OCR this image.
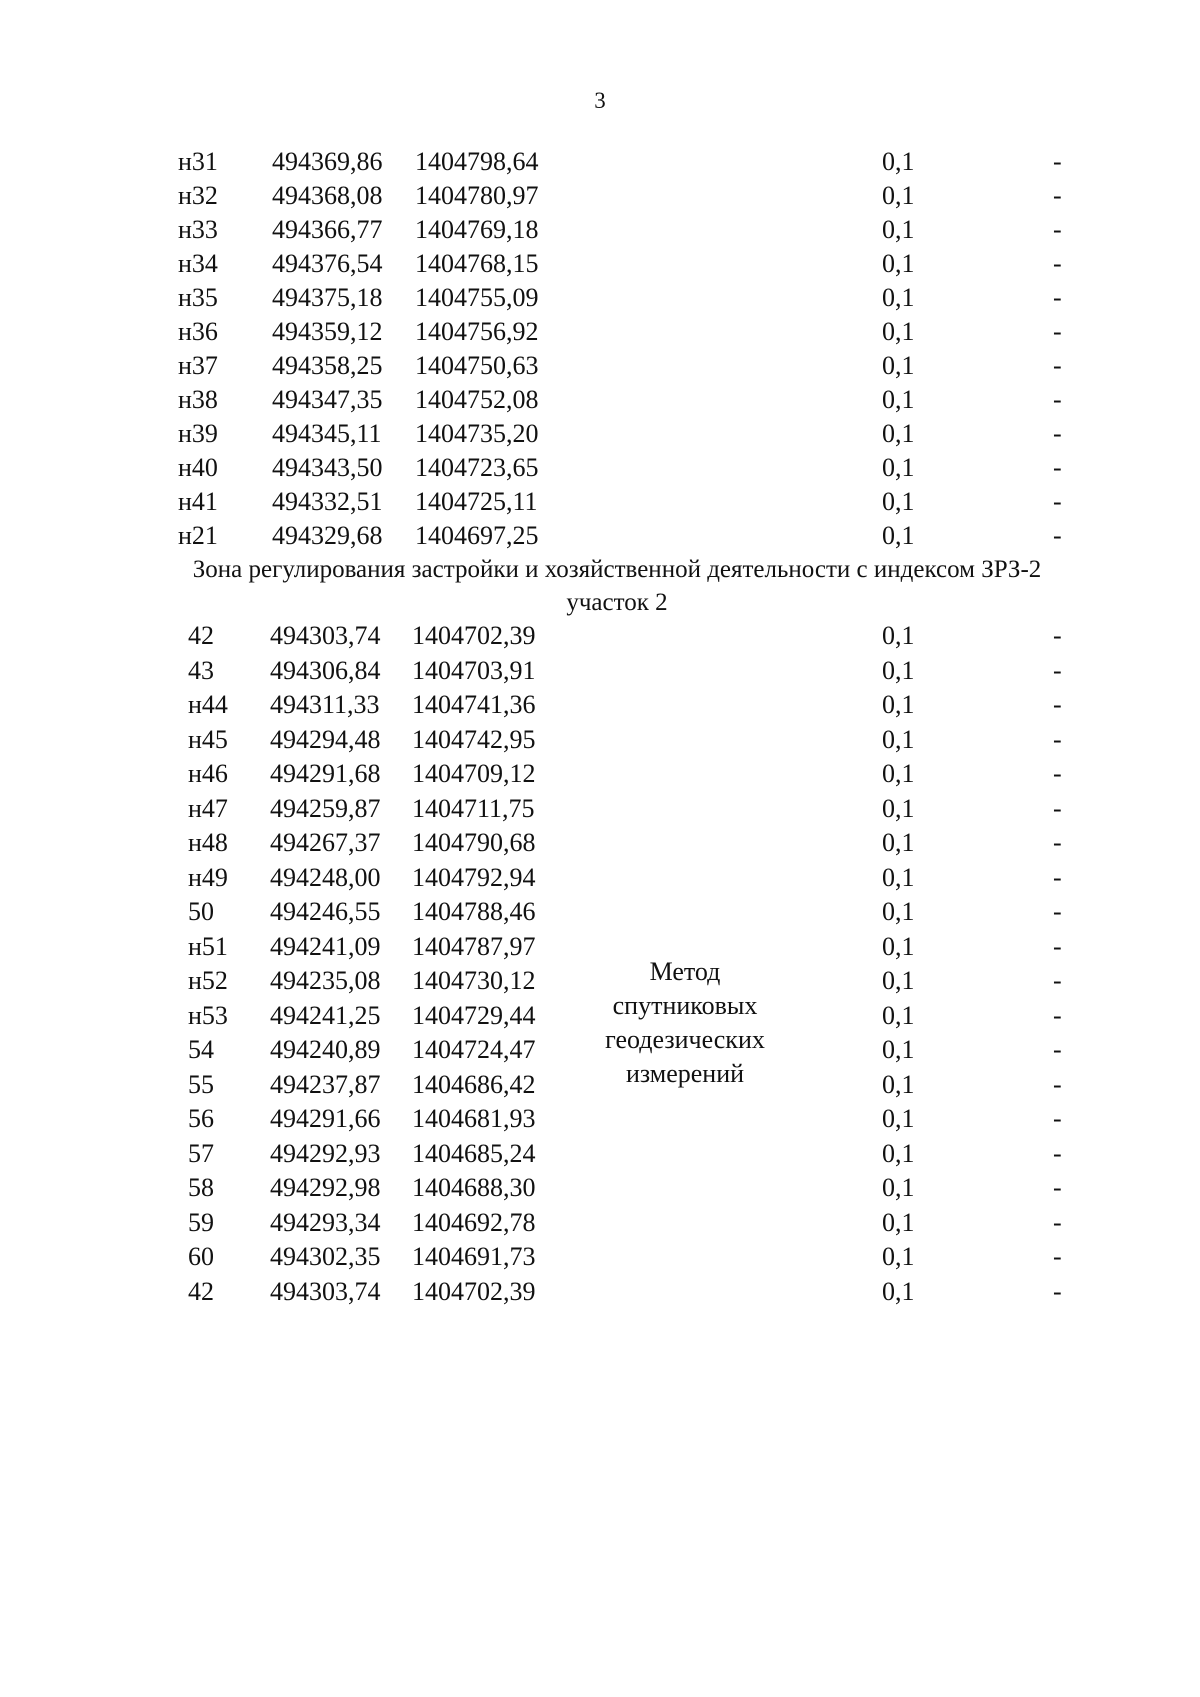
3
н31 494369,86 1404798,64	0,1	-
н32 494368,08 1404780,97	0,1	-
н33 494366,77 1404769,18	0,1	-
н34 494376,54 1404768,15	0,1	-
н35 494375,18 1404755,09	0,1	-
н36 494359,12 1404756,92	0,1	-
н37 494358,25 1404750,63	0,1	-
н38 494347,35 1404752,08	0,1	-
н39 494345,11 1404735,20	0,1	-
н40 494343,50 1404723,65	0,1	-
н41 494332,51 1404725,11	0,1	-
н21 494329,68 1404697,25	0,1	-
Зона регулирования застройки и хозяйственной деятельности с индексом ЗРЗ-2
участок 2
Метод
спутниковых
геодезических
измерений
42 494303,74 1404702,39	0,1	-
43 494306,84 1404703,91	0,1	-
н44 494311,33 1404741,36	0,1	-
н45 494294,48 1404742,95	0,1	-
н46 494291,68 1404709,12	0,1	-
н47 494259,87 1404711,75	0,1	-
н48 494267,37 1404790,68	0,1	-
н49 494248,00 1404792,94	0,1	-
50 494246,55 1404788,46	0,1	-
н51 494241,09 1404787,97	0,1	-
н52 494235,08 1404730,12	0,1	-
н53 494241,25 1404729,44	0,1	-
54 494240,89 1404724,47	0,1	-
55 494237,87 1404686,42	0,1	-
56 494291,66 1404681,93	0,1	-
57 494292,93 1404685,24	0,1	-
58 494292,98 1404688,30	0,1	-
59 494293,34 1404692,78	0,1	-
60 494302,35 1404691,73	0,1	-
42 494303,74 1404702,39	0,1	-
